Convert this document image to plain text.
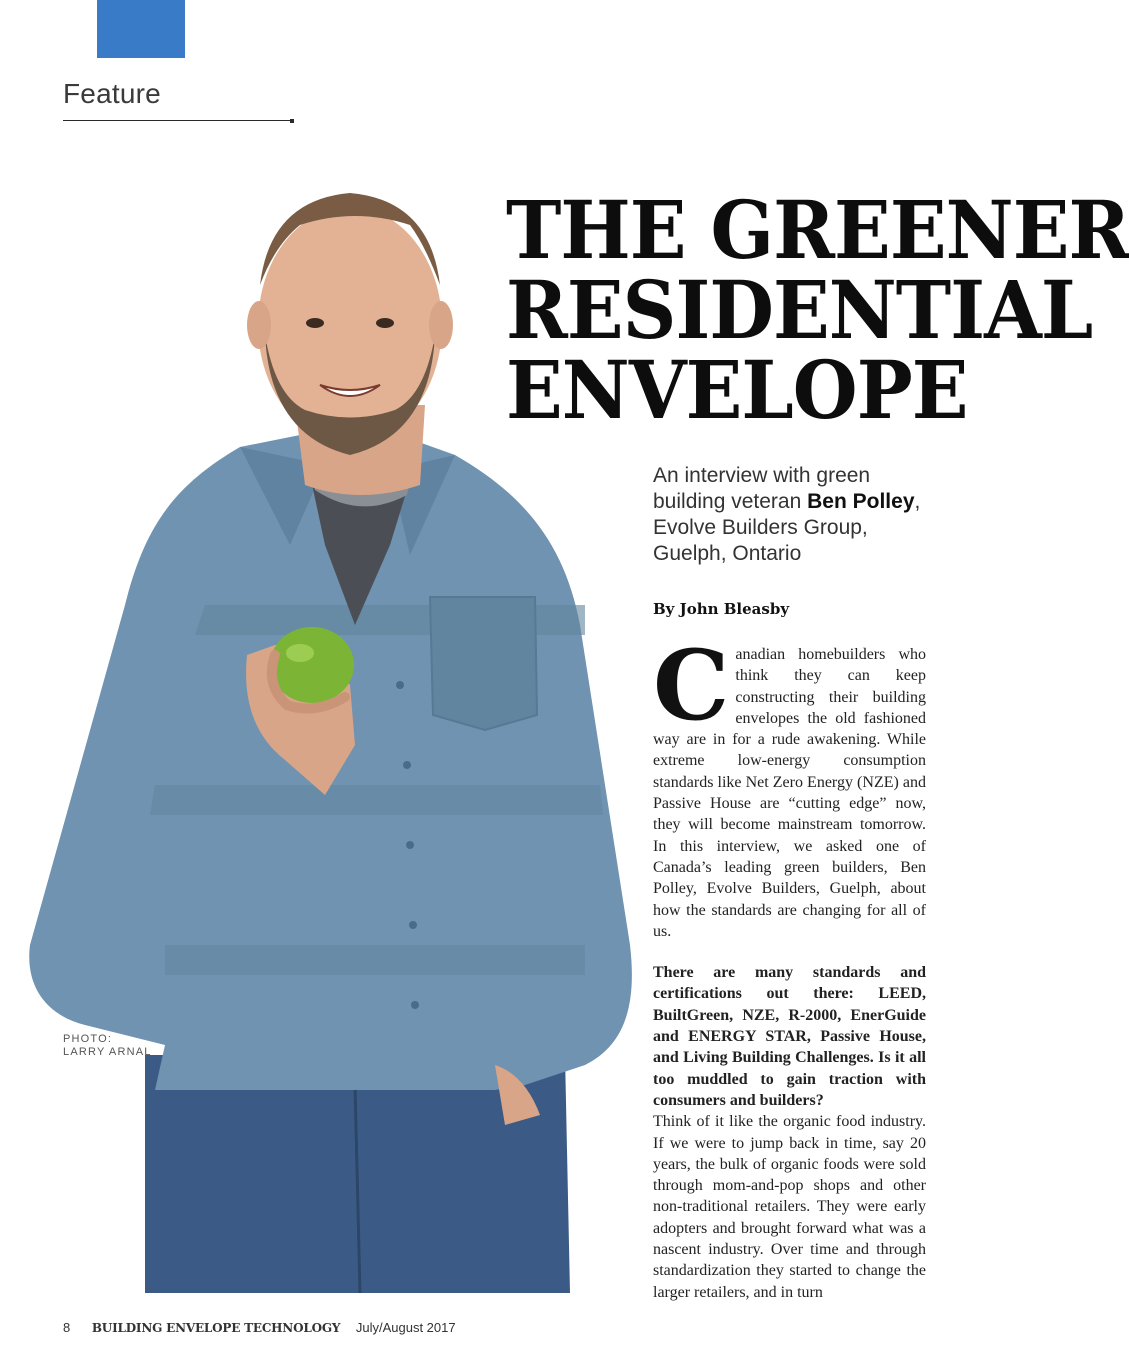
Feature
PHOTO:
LARRY ARNAL
THE GREENER
RESIDENTIAL
ENVELOPE
An interview with green building veteran Ben Polley, Evolve Builders Group, Guelph, Ontario
By John Bleasby

Canadian homebuilders who think they can keep constructing their building envelopes the old fashioned way are in for a rude awakening. While extreme low-energy consumption standards like Net Zero Energy (NZE) and Passive House are “cutting edge” now, they will become mainstream tomorrow. In this interview, we asked one of Canada’s leading green builders, Ben Polley, Evolve Builders, Guelph, about how the standards are changing for all of us.

There are many standards and certifications out there: LEED, BuiltGreen, NZE, R-2000, EnerGuide and ENERGY STAR, Passive House, and Living Building Challenges. Is it all too muddled to gain traction with consumers and builders?

Think of it like the organic food industry. If we were to jump back in time, say 20 years, the bulk of organic foods were sold through mom-and-pop shops and other non-traditional retailers. They were early adopters and brought forward what was a nascent industry. Over time and through standardization they started to change the larger retailers, and in turn

8 BUILDING ENVELOPE TECHNOLOGY July/August 2017
